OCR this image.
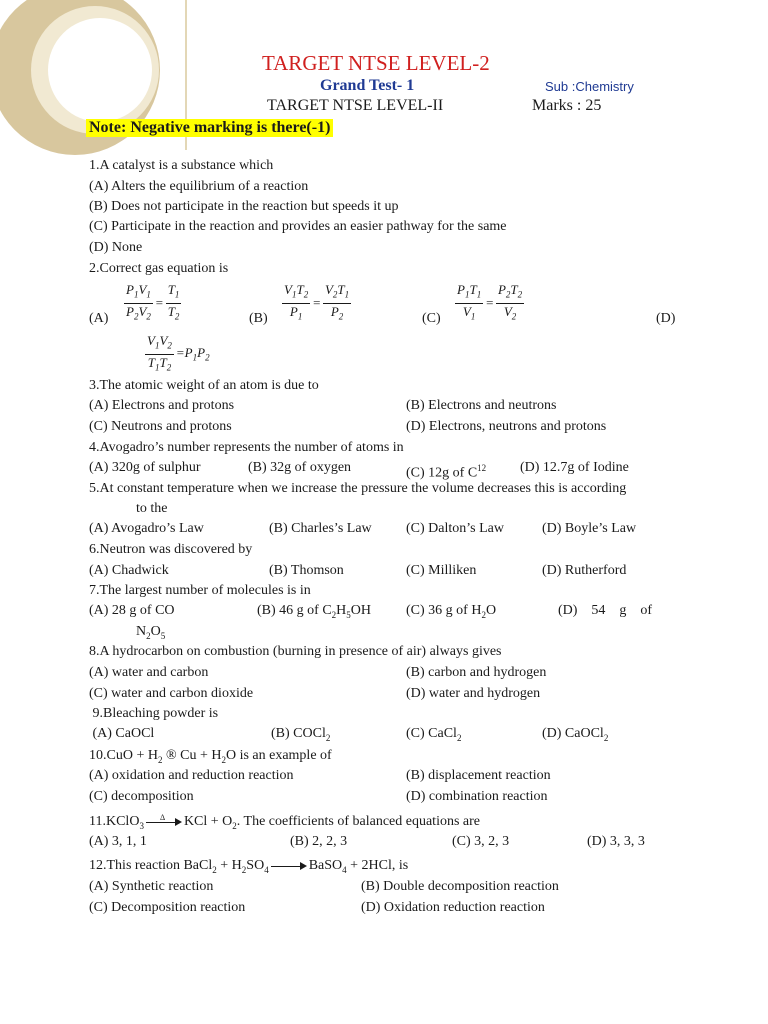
TARGET NTSE LEVEL-2
Grand Test- 1	Sub :Chemistry
TARGET NTSE LEVEL-II	Marks : 25
Note: Negative marking is there(-1)
1.A catalyst is a substance which
(A) Alters the equilibrium of a reaction
(B) Does not participate in the reaction but speeds it up
(C) Participate in the reaction and provides an easier pathway for the same
(D) None
2.Correct gas equation is
$(A) \frac{P_1V_1}{P_2V_2} = \frac{T_1}{T_2}$	$(B) \frac{V_1T_2}{P_1} = \frac{V_2T_1}{P_2}$	$(C) \frac{P_1T_1}{V_1} = \frac{P_2T_2}{V_2}$	(D)
$\frac{V_1V_2}{T_1T_2} =P_1P_2$
3.The atomic weight of an atom is due to
(A) Electrons and protons	(B) Electrons and neutrons
(C) Neutrons and protons	(D) Electrons, neutrons and protons
4.Avogadro’s number represents the number of atoms in
(A) 320g of sulphur	(B) 32g of oxygen	(C) 12g of $C^{12}$ (D) 12.7g of Iodine
5.At constant temperature when we increase the pressure the volume decreases this is according
to the
(A) Avogadro’s Law	(B) Charles’s Law (C) Dalton’s Law	(D) Boyle’s Law
6.Neutron was discovered by
(A) Chadwick	(B) Thomson	(C) Milliken	(D) Rutherford
7.The largest number of molecules is in
(A) 28 g of CO	(B) 46 g of $C_2H_5OH$ (C) 36 g of $H_2O$	(D)    54    g    of
$N_2O_5$
8.A hydrocarbon on combustion (burning in presence of air) always gives
(A) water and carbon	(B) carbon and hydrogen
(C) water and carbon dioxide	(D) water and hydrogen
9.Bleaching powder is
(A) CaOCl	(B) COCl$_2$	(C) CaCl$_2$	(D) CaOCl$_2$
$10.CuO + H_2$ ® $Cu + H_2O$ is an example of
(A) oxidation and reduction reaction	(B) displacement reaction
(C) decomposition	(D) combination reaction
11.KClO$_3$
Δ KCl + $O_2$. The coefficients of balanced equations are
(A) 3, 1, 1	(B) 2, 2, 3	(C) 3, 2, 3	(D) 3, 3, 3
12.This reaction BaCl$_2$ + $H_2SO_4$	BaSO$_4$ + 2HCl, is
(A) Synthetic reaction	(B) Double decomposition reaction
(C) Decomposition reaction	(D) Oxidation reduction reaction
